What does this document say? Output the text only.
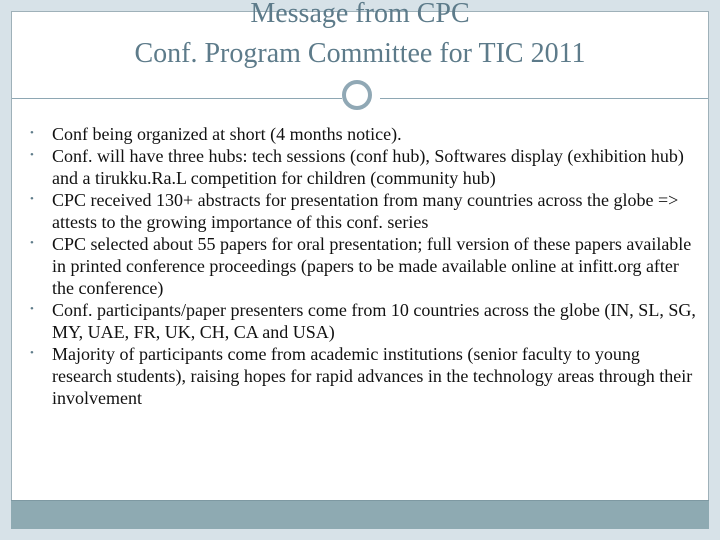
Message from CPC
Conf. Program Committee for TIC 2011
• Conf being organized at short (4 months notice).
• Conf. will have three hubs: tech sessions (conf hub), Softwares display (exhibition hub) and a tirukku.Ra.L competition for children (community hub)
• CPC received 130+ abstracts for presentation from many countries across the globe => attests to the growing importance of this conf. series
• CPC selected about 55 papers for oral presentation; full version of these papers available in printed conference proceedings (papers to be made available online at infitt.org after the conference)
• Conf. participants/paper presenters come from 10 countries across the globe (IN, SL, SG, MY, UAE, FR, UK, CH, CA and USA)
• Majority of participants come from academic institutions (senior faculty to young research students), raising hopes for rapid advances in the technology areas through their involvement
